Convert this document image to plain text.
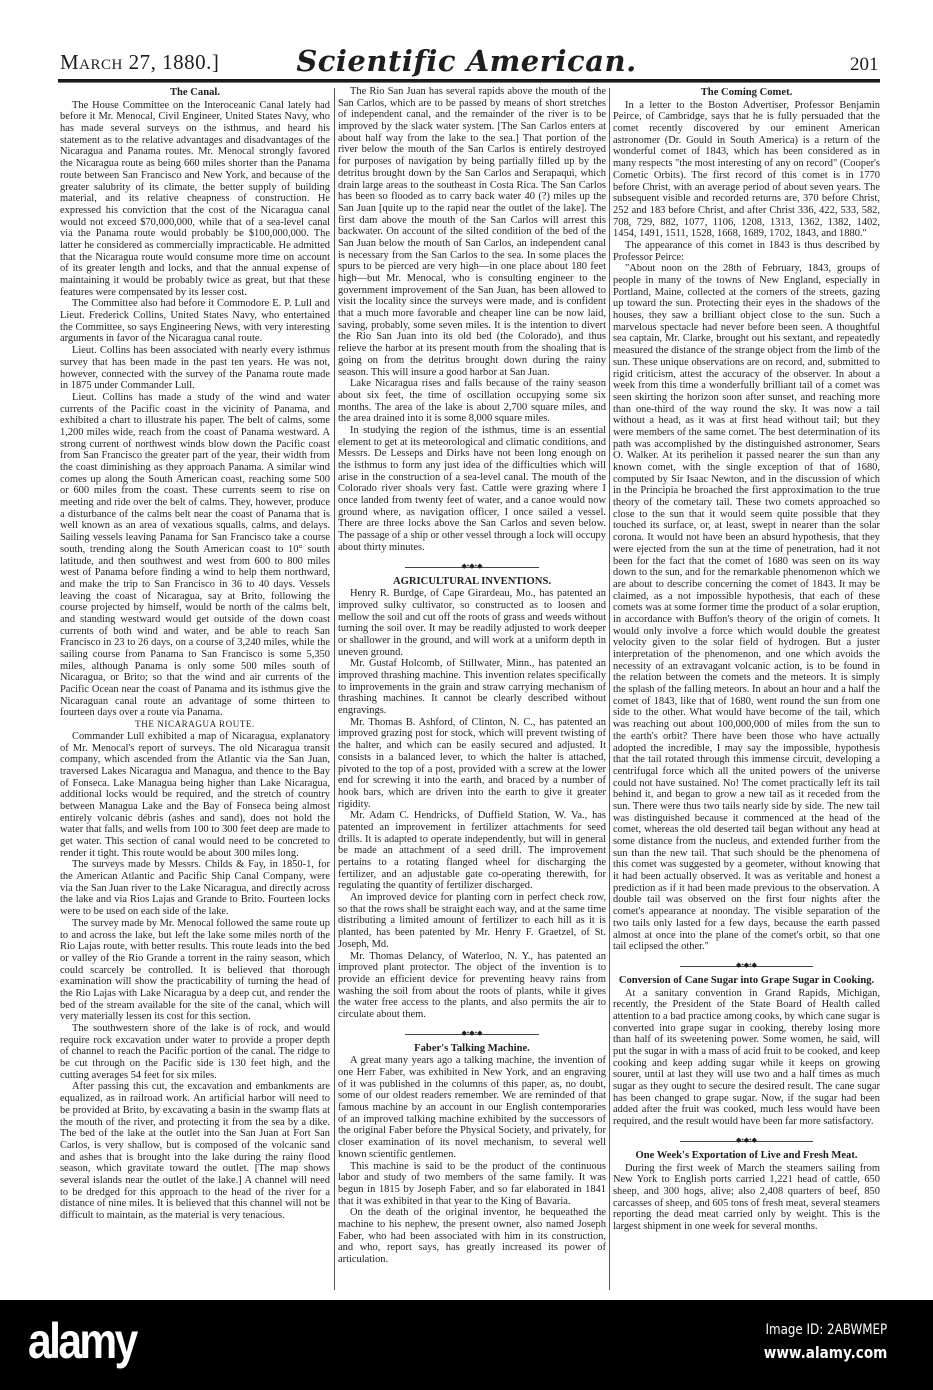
March 27, 1880.]	Scientific American.	201
The Canal.

The House Committee on the Interoceanic Canal lately had before it Mr. Menocal, Civil Engineer, United States Navy, who has made several surveys on the isthmus, and heard his statement as to the relative advantages and disadvantages of the Nicaragua and Panama routes. Mr. Menocal strongly favored the Nicaragua route as being 660 miles shorter than the Panama route between San Francisco and New York, and because of the greater salubrity of its climate, the better supply of building material, and its relative cheapness of construction. He expressed his conviction that the cost of the Nicaragua canal would not exceed $70,000,000, while that of a sea-level canal via the Panama route would probably be $100,000,000. The latter he considered as commercially impracticable. He admitted that the Nicaragua route would consume more time on account of its greater length and locks, and that the annual expense of maintaining it would be probably twice as great, but that these features were compensated by its lesser cost.

The Committee also had before it Commodore E. P. Lull and Lieut. Frederick Collins, United States Navy, who entertained the Committee, so says Engineering News, with very interesting arguments in favor of the Nicaragua canal route.

Lieut. Collins has been associated with nearly every isthmus survey that has been made in the past ten years. He was not, however, connected with the survey of the Panama route made in 1875 under Commander Lull.

Lieut. Collins has made a study of the wind and water currents of the Pacific coast in the vicinity of Panama, and exhibited a chart to illustrate his paper. The belt of calms, some 1,200 miles wide, reach from the coast of Panama westward. A strong current of northwest winds blow down the Pacific coast from San Francisco the greater part of the year, their width from the coast diminishing as they approach Panama. A similar wind comes up along the South American coast, reaching some 500 or 600 miles from the coast. These currents seem to rise on meeting and ride over the belt of calms. They, however, produce a disturbance of the calms belt near the coast of Panama that is well known as an area of vexatious squalls, calms, and delays. Sailing vessels leaving Panama for San Francisco take a course south, trending along the South American coast to 10° south latitude, and then southwest and west from 600 to 800 miles west of Panama before finding a wind to help them northward, and make the trip to San Francisco in 36 to 40 days. Vessels leaving the coast of Nicaragua, say at Brito, following the course projected by himself, would be north of the calms belt, and standing westward would get outside of the down coast currents of both wind and water, and be able to reach San Francisco in 23 to 26 days, on a course of 3,240 miles, while the sailing course from Panama to San Francisco is some 5,350 miles, although Panama is only some 500 miles south of Nicaragua, or Brito; so that the wind and air currents of the Pacific Ocean near the coast of Panama and its isthmus give the Nicaraguan canal route an advantage of some thirteen to fourteen days over a route via Panama.

THE NICARAGUA ROUTE.

Commander Lull exhibited a map of Nicaragua, explanatory of Mr. Menocal's report of surveys. The old Nicaragua transit company, which ascended from the Atlantic via the San Juan, traversed Lakes Nicaragua and Managua, and thence to the Bay of Fonseca. Lake Managua being higher than Lake Nicaragua, additional locks would be required, and the stretch of country between Managua Lake and the Bay of Fonseca being almost entirely volcanic débris (ashes and sand), does not hold the water that falls, and wells from 100 to 300 feet deep are made to get water. This section of canal would need to be concreted to render it tight. This route would be about 300 miles long.

The surveys made by Messrs. Childs & Fay, in 1850-1, for the American Atlantic and Pacific Ship Canal Company, were via the San Juan river to the Lake Nicaragua, and directly across the lake and via Rios Lajas and Grande to Brito. Fourteen locks were to be used on each side of the lake.

The survey made by Mr. Menocal followed the same route up to and across the lake, but left the lake some miles north of the Rio Lajas route, with better results. This route leads into the bed or valley of the Rio Grande a torrent in the rainy season, which could scarcely be controlled. It is believed that thorough examination will show the practicability of turning the head of the Rio Lajas with Lake Nicaragua by a deep cut, and render the bed of the stream available for the site of the canal, which will very materially lessen its cost for this section.

The southwestern shore of the lake is of rock, and would require rock excavation under water to provide a proper depth of channel to reach the Pacific portion of the canal. The ridge to be cut through on the Pacific side is 130 feet high, and the cutting averages 54 feet for six miles.

After passing this cut, the excavation and embankments are equalized, as in railroad work. An artificial harbor will need to be provided at Brito, by excavating a basin in the swamp flats at the mouth of the river, and protecting it from the sea by a dike. The bed of the lake at the outlet into the San Juan at Fort San Carlos, is very shallow, but is composed of the volcanic sand and ashes that is brought into the lake during the rainy flood season, which gravitate toward the outlet. [The map shows several islands near the outlet of the lake.] A channel will need to be dredged for this approach to the head of the river for a distance of nine miles. It is believed that this channel will not be difficult to maintain, as the material is very tenacious.

The Rio San Juan has several rapids above the mouth of the San Carlos, which are to be passed by means of short stretches of independent canal, and the remainder of the river is to be improved by the slack water system. [The San Carlos enters at about half way from the lake to the sea.] That portion of the river below the mouth of the San Carlos is entirely destroyed for purposes of navigation by being partially filled up by the detritus brought down by the San Carlos and Serapaqui, which drain large areas to the southeast in Costa Rica. The San Carlos has been so flooded as to carry back water 40 (?) miles up the San Juan [quite up to the rapid near the outlet of the lake]. The first dam above the mouth of the San Carlos will arrest this backwater. On account of the silted condition of the bed of the San Juan below the mouth of San Carlos, an independent canal is necessary from the San Carlos to the sea. In some places the spurs to be pierced are very high—in one place about 180 feet high—but Mr. Menocal, who is consulting engineer to the government improvement of the San Juan, has been allowed to visit the locality since the surveys were made, and is confident that a much more favorable and cheaper line can be now laid, saving, probably, some seven miles. It is the intention to divert the Rio San Juan into its old bed (the Colorado), and thus relieve the harbor at its present mouth from the shoaling that is going on from the detritus brought down during the rainy season. This will insure a good harbor at San Juan.

Lake Nicaragua rises and falls because of the rainy season about six feet, the time of oscillation occupying some six months. The area of the lake is about 2,700 square miles, and the area drained into it is some 8,000 square miles.

In studying the region of the isthmus, time is an essential element to get at its meteorological and climatic conditions, and Messrs. De Lesseps and Dirks have not been long enough on the isthmus to form any just idea of the difficulties which will arise in the construction of a sea-level canal. The mouth of the Colorado river shoals very fast. Cattle were grazing where I once landed from twenty feet of water, and a canoe would now ground where, as navigation officer, I once sailed a vessel. There are three locks above the San Carlos and seven below. The passage of a ship or other vessel through a lock will occupy about thirty minutes.

◆•◆•◆
AGRICULTURAL INVENTIONS.

Henry R. Burdge, of Cape Girardeau, Mo., has patented an improved sulky cultivator, so constructed as to loosen and mellow the soil and cut off the roots of grass and weeds without turning the soil over. It may be readily adjusted to work deeper or shallower in the ground, and will work at a uniform depth in uneven ground.

Mr. Gustaf Holcomb, of Stillwater, Minn., has patented an improved thrashing machine. This invention relates specifically to improvements in the grain and straw carrying mechanism of thrashing machines. It cannot be clearly described without engravings.

Mr. Thomas B. Ashford, of Clinton, N. C., has patented an improved grazing post for stock, which will prevent twisting of the halter, and which can be easily secured and adjusted. It consists in a balanced lever, to which the halter is attached, pivoted to the top of a post, provided with a screw at the lower end for screwing it into the earth, and braced by a number of hook bars, which are driven into the earth to give it greater rigidity.

Mr. Adam C. Hendricks, of Duffield Station, W. Va., has patented an improvement in fertilizer attachments for seed drills. It is adapted to operate independently, but will in general be made an attachment of a seed drill. The improvement pertains to a rotating flanged wheel for discharging the fertilizer, and an adjustable gate co-operating therewith, for regulating the quantity of fertilizer discharged.

An improved device for planting corn in perfect check row, so that the rows shall be straight each way, and at the same time distributing a limited amount of fertilizer to each hill as it is planted, has been patented by Mr. Henry F. Graetzel, of St. Joseph, Md.

Mr. Thomas Delancy, of Waterloo, N. Y., has patented an improved plant protector. The object of the invention is to provide an efficient device for preventing heavy rains from washing the soil from about the roots of plants, while it gives the water free access to the plants, and also permits the air to circulate about them.

◆•◆•◆
Faber's Talking Machine.

A great many years ago a talking machine, the invention of one Herr Faber, was exhibited in New York, and an engraving of it was published in the columns of this paper, as, no doubt, some of our oldest readers remember. We are reminded of that famous machine by an account in our English contemporaries of an improved talking machine exhibited by the successors of the original Faber before the Physical Society, and privately, for closer examination of its novel mechanism, to several well known scientific gentlemen.

This machine is said to be the product of the continuous labor and study of two members of the same family. It was begun in 1815 by Joseph Faber, and so far elaborated in 1841 that it was exhibited in that year to the King of Bavaria.

On the death of the original inventor, he bequeathed the machine to his nephew, the present owner, also named Joseph Faber, who had been associated with him in its construction, and who, report says, has greatly increased its power of articulation.

The Coming Comet.

In a letter to the Boston Advertiser, Professor Benjamin Peirce, of Cambridge, says that he is fully persuaded that the comet recently discovered by our eminent American astronomer (Dr. Gould in South America) is a return of the wonderful comet of 1843, which has been considered as in many respects "the most interesting of any on record" (Cooper's Cometic Orbits). The first record of this comet is in 1770 before Christ, with an average period of about seven years. The subsequent visible and recorded returns are, 370 before Christ, 252 and 183 before Christ, and after Christ 336, 422, 533, 582, 708, 729, 882, 1077, 1106, 1208, 1313, 1362, 1382, 1402, 1454, 1491, 1511, 1528, 1668, 1689, 1702, 1843, and 1880."

The appearance of this comet in 1843 is thus described by Professor Peirce:

"About noon on the 28th of February, 1843, groups of people in many of the towns of New England, especially in Portland, Maine, collected at the corners of the streets, gazing up toward the sun. Protecting their eyes in the shadows of the houses, they saw a brilliant object close to the sun. Such a marvelous spectacle had never before been seen. A thoughtful sea captain, Mr. Clarke, brought out his sextant, and repeatedly measured the distance of the strange object from the limb of the sun. These unique observations are on record, and, submitted to rigid criticism, attest the accuracy of the observer. In about a week from this time a wonderfully brilliant tail of a comet was seen skirting the horizon soon after sunset, and reaching more than one-third of the way round the sky. It was now a tail without a head, as it was at first head without tail; but they were members of the same comet. The best determination of its path was accomplished by the distinguished astronomer, Sears O. Walker. At its perihelion it passed nearer the sun than any known comet, with the single exception of that of 1680, computed by Sir Isaac Newton, and in the discussion of which in the Principia he broached the first approximation to the true theory of the cometary tail. These two comets approached so close to the sun that it would seem quite possible that they touched its surface, or, at least, swept in nearer than the solar corona. It would not have been an absurd hypothesis, that they were ejected from the sun at the time of penetration, had it not been for the fact that the comet of 1680 was seen on its way down to the sun, and for the remarkable phenomenon which we are about to describe concerning the comet of 1843. It may be claimed, as a not impossible hypothesis, that each of these comets was at some former time the product of a solar eruption, in accordance with Buffon's theory of the origin of comets. It would only involve a force which would double the greatest velocity given to the solar field of hydrogen. But a juster interpretation of the phenomenon, and one which avoids the necessity of an extravagant volcanic action, is to be found in the relation between the comets and the meteors. It is simply the splash of the falling meteors. In about an hour and a half the comet of 1843, like that of 1680, went round the sun from one side to the other. What would have become of the tail, which was reaching out about 100,000,000 of miles from the sun to the earth's orbit? There have been those who have actually adopted the incredible, I may say the impossible, hypothesis that the tail rotated through this immense circuit, developing a centrifugal force which all the united powers of the universe could not have sustained. No! The comet practically left its tail behind it, and began to grow a new tail as it receded from the sun. There were thus two tails nearly side by side. The new tail was distinguished because it commenced at the head of the comet, whereas the old deserted tail began without any head at some distance from the nucleus, and extended further from the sun than the new tail. That such should be the phenomena of this comet was suggested by a geometer, without knowing that it had been actually observed. It was as veritable and honest a prediction as if it had been made previous to the observation. A double tail was observed on the first four nights after the comet's appearance at noonday. The visible separation of the two tails only lasted for a few days, because the earth passed almost at once into the plane of the comet's orbit, so that one tail eclipsed the other."

◆•◆•◆
Conversion of Cane Sugar into Grape Sugar in Cooking.

At a sanitary convention in Grand Rapids, Michigan, recently, the President of the State Board of Health called attention to a bad practice among cooks, by which cane sugar is converted into grape sugar in cooking, thereby losing more than half of its sweetening power. Some women, he said, will put the sugar in with a mass of acid fruit to be cooked, and keep cooking and keep adding sugar while it keeps on growing sourer, until at last they will use two and a half times as much sugar as they ought to secure the desired result. The cane sugar has been changed to grape sugar. Now, if the sugar had been added after the fruit was cooked, much less would have been required, and the result would have been far more satisfactory.

◆•◆•◆
One Week's Exportation of Live and Fresh Meat.

During the first week of March the steamers sailing from New York to English ports carried 1,221 head of cattle, 650 sheep, and 300 hogs, alive; also 2,408 quarters of beef, 850 carcasses of sheep, and 605 tons of fresh meat, several steamers reporting the dead meat carried only by weight. This is the largest shipment in one week for several months.

alamy	Image ID: 2ABWMEP
www.alamy.com
